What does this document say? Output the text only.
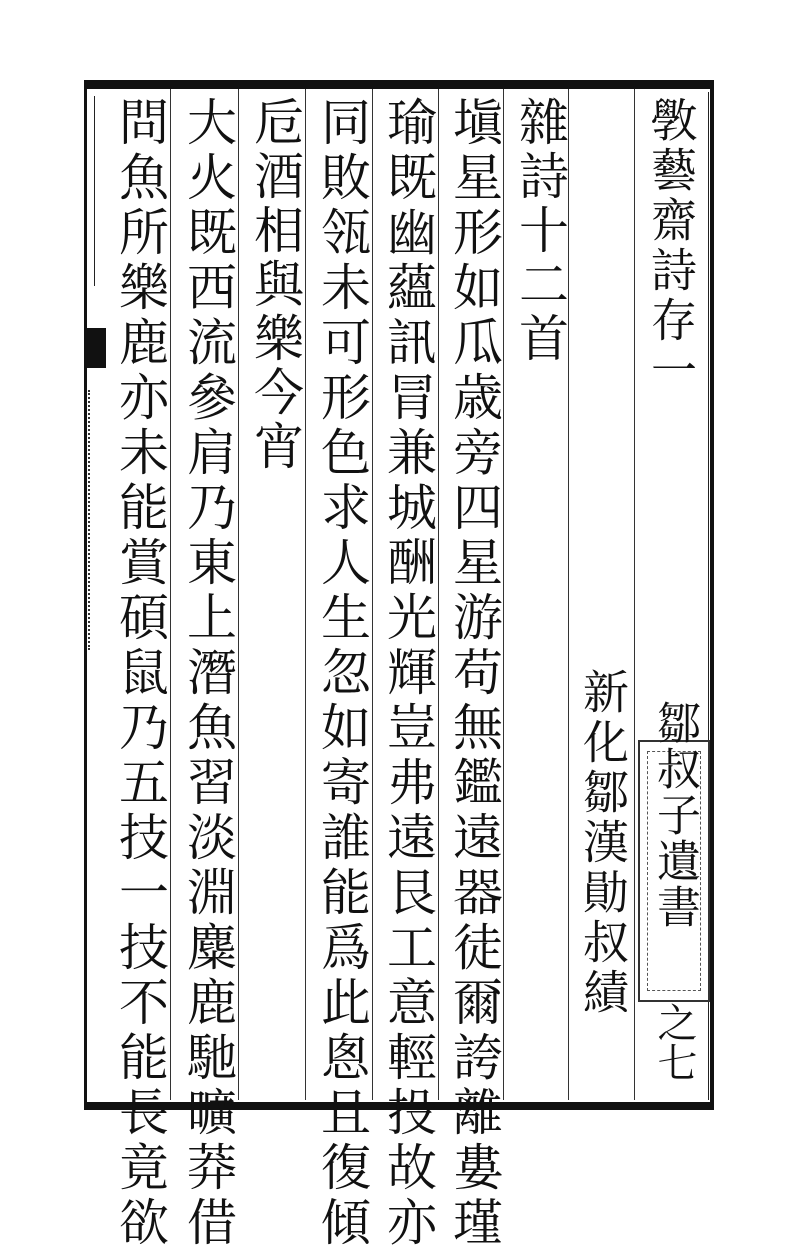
斆藝齋詩存一
鄒叔子遺書
之七
新化鄒漢勛叔績
雜詩十二首
塡星形如瓜歳旁四星游苟無鑑遠器徒爾誇離婁瑾
瑜既幽蘊訊冐兼城酬光輝豈弗遠艮工意輕投故亦
同敗瓴未可形色求人生忽如寄誰能爲此悤且復傾
卮酒相與樂今宵
大火既西流參肩乃東上潛魚習淡淵麋鹿馳曠莽借
問魚所樂鹿亦未能賞碩鼠乃五技一技不能長竟欲
